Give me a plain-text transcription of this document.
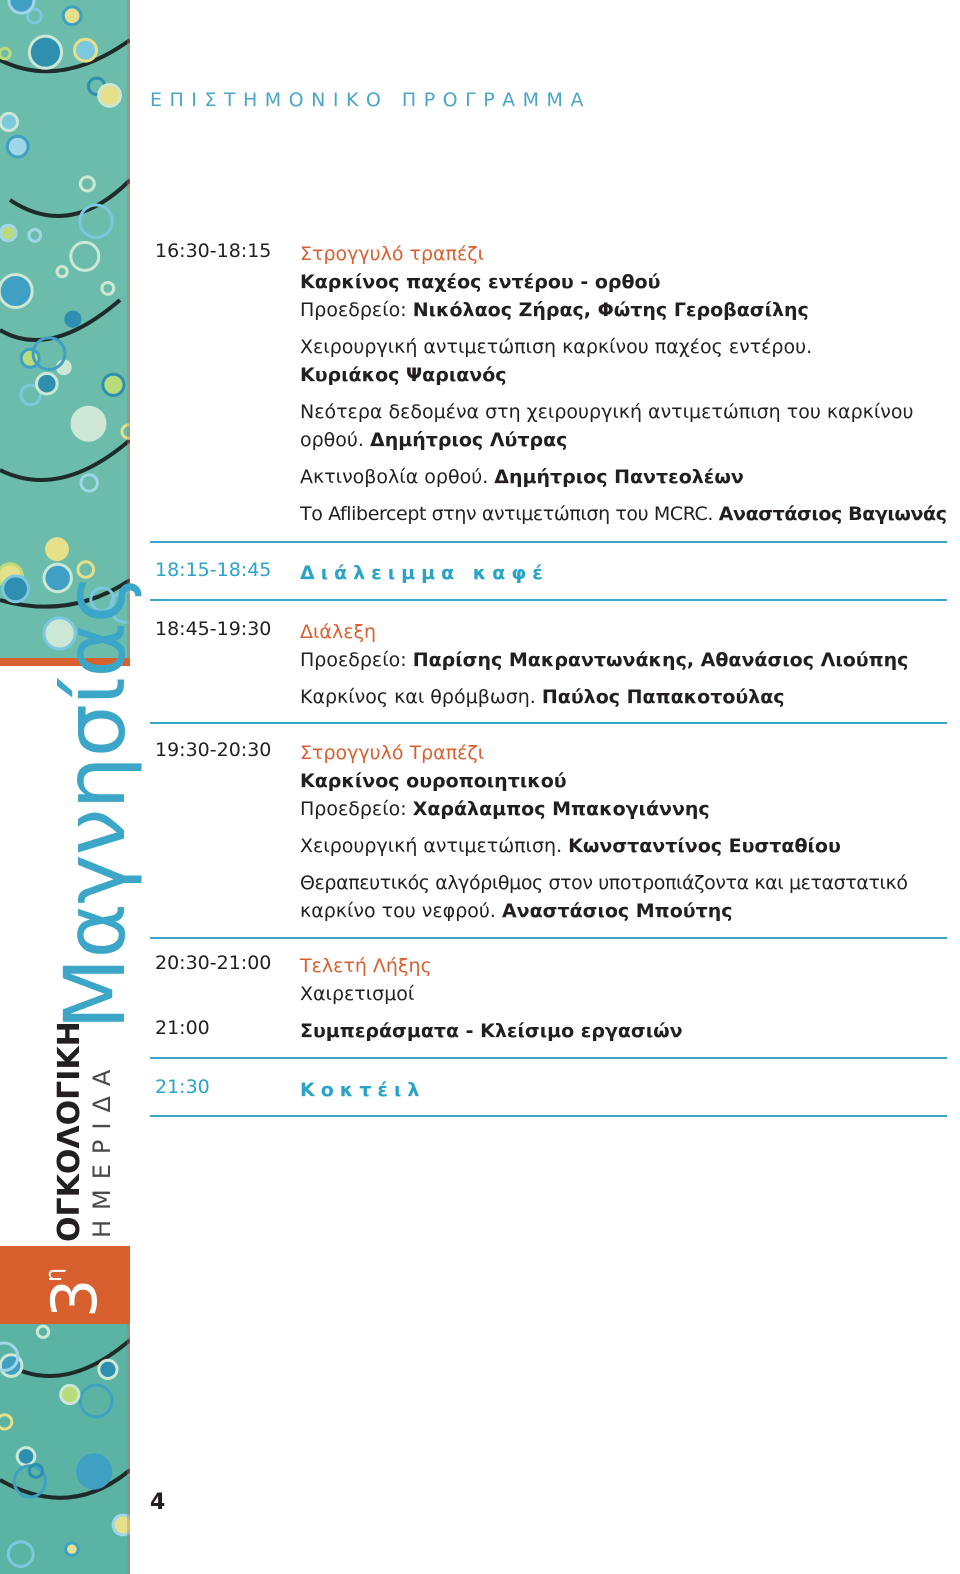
Μαγνησίας
ΟΓΚΟΛΟΓΙΚΗ ΗΜΕΡΙΔΑ
3
η
ΕΠΙΣΤΗΜΟΝΙΚΟ ΠΡΟΓΡΑΜΜΑ
16:30-18:15 Στρογγυλό τραπέζι

Καρκίνος παχέος εντέρου - ορθού

Προεδρείο: Νικόλαος Ζήρας, Φώτης Γεροβασίλης

Χειρουργική αντιμετώπιση καρκίνου παχέος εντέρου.

Κυριάκος Ψαριανός

Νεότερα δεδομένα στη χειρουργική αντιμετώπιση του καρκίνου

ορθού. Δημήτριος Λύτρας

Ακτινοβολία ορθού. Δημήτριος Παντεολέων

Το Aflibercept στην αντιμετώπιση του MCRC. Αναστάσιος Βαγιωνάς

18:15-18:45 Διάλειμμα καφέ

18:45-19:30 Διάλεξη

Προεδρείο: Παρίσης Μακραντωνάκης, Αθανάσιος Λιούπης

Καρκίνος και θρόμβωση. Παύλος Παπακοτούλας

19:30-20:30 Στρογγυλό Τραπέζι

Καρκίνος ουροποιητικού

Προεδρείο: Χαράλαμπος Μπακογιάννης

Χειρουργική αντιμετώπιση. Κωνσταντίνος Ευσταθίου

Θεραπευτικός αλγόριθμος στον υποτροπιάζοντα και μεταστατικό

καρκίνο του νεφρού. Αναστάσιος Μπούτης

20:30-21:00 Τελετή Λήξης

Χαιρετισμοί

21:00	Συμπεράσματα - Κλείσιμο εργασιών

21:30	Κοκτέιλ

4
